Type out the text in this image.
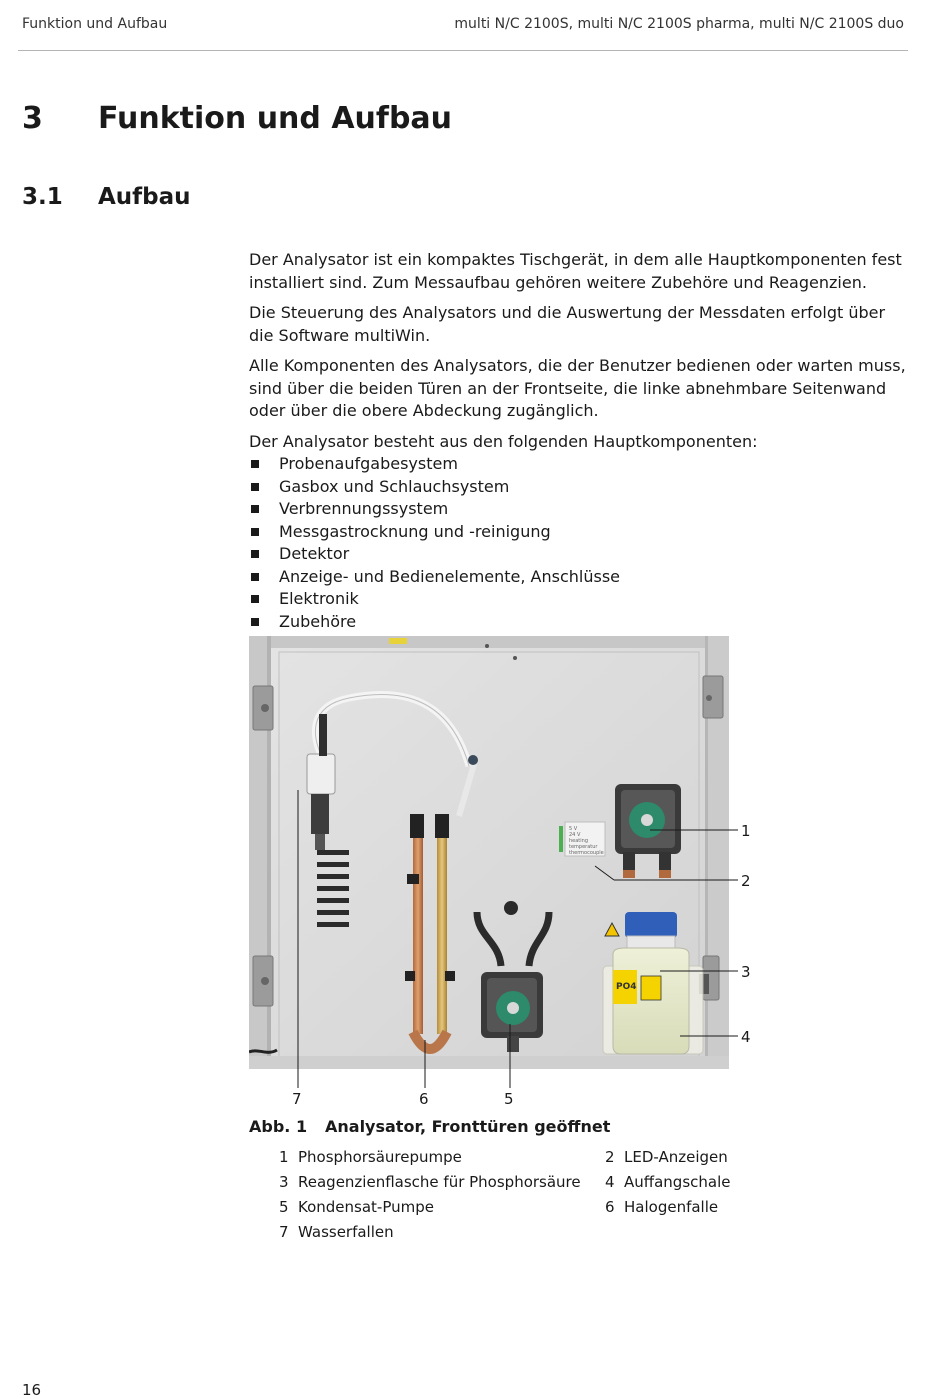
Funktion und Aufbau	multi N/C 2100S, multi N/C 2100S pharma, multi N/C 2100S duo
3 Funktion und Aufbau
3.1 Aufbau

Der Analysator ist ein kompaktes Tischgerät, in dem alle Hauptkomponenten fest installiert sind. Zum Messaufbau gehören weitere Zubehöre und Reagenzien.

Die Steuerung des Analysators und die Auswertung der Messdaten erfolgt über die Software multiWin.

Alle Komponenten des Analysators, die der Benutzer bedienen oder warten muss, sind über die beiden Türen an der Frontseite, die linke abnehmbare Seitenwand oder über die obere Abdeckung zugänglich.

Der Analysator besteht aus den folgenden Hauptkomponenten:

Probenaufgabesystem
Gasbox und Schlauchsystem
Verbrennungssystem
Messgastrocknung und -reinigung
Detektor
Anzeige- und Bedienelemente, Anschlüsse
Elektronik
Zubehöre
5 V
24 V
heating
temperatur
thermocouple
PO4
1
2
3
4
5
6
7
Abb. 1 Analysator, Fronttüren geöffnet
1 Phosphorsäurepumpe	2 LED-Anzeigen
3 Reagenzienflasche für Phosphorsäure 4 Auffangschale
5 Kondensat-Pumpe	6 Halogenfalle
7 Wasserfallen
16
